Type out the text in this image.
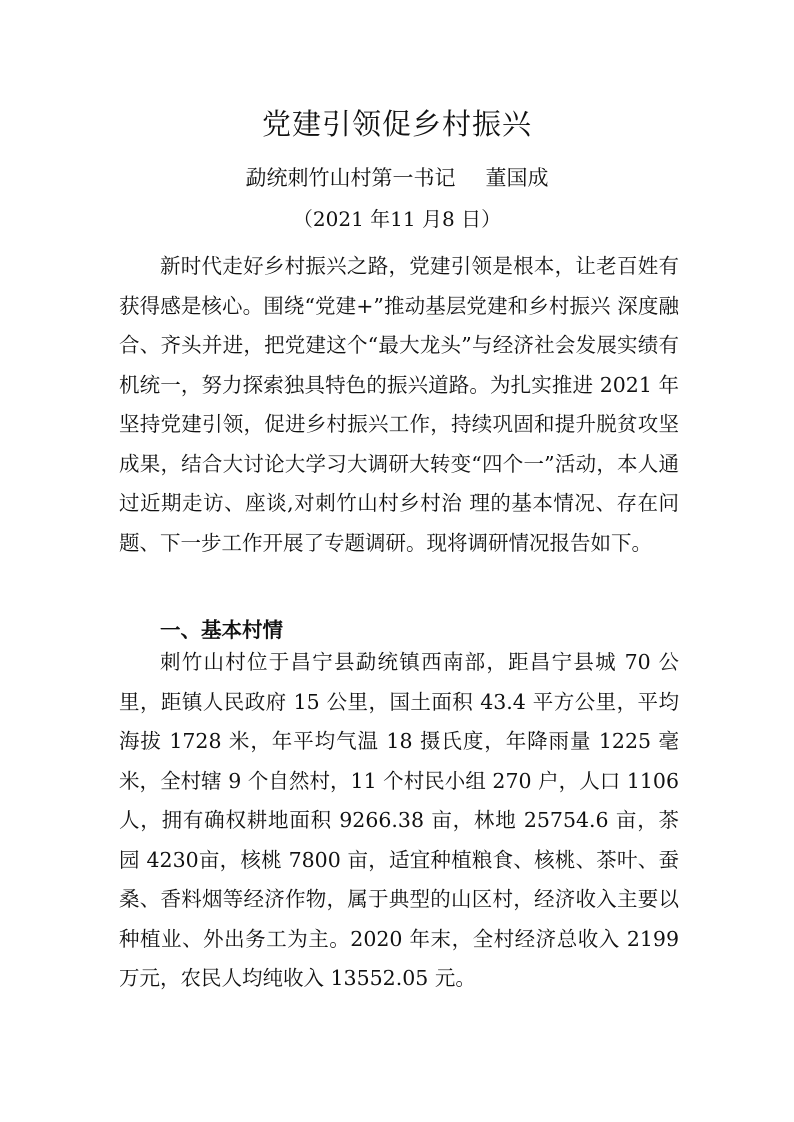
党建引领促乡村振兴
勐统刺竹山村第一书记 董国成
（2021 年11 月8 日）

新时代走好乡村振兴之路，党建引领是根本，让老百姓有获得感是核心。围绕“党建+”推动基层党建和乡村振兴 深度融合、齐头并进，把党建这个“最大龙头”与经济社会发展实绩有机统一，努力探索独具特色的振兴道路。为扎实推进 2021 年坚持党建引领，促进乡村振兴工作，持续巩固和提升脱贫攻坚成果，结合大讨论大学习大调研大转变“四个一”活动，本人通过近期走访、座谈,对刺竹山村乡村治 理的基本情况、存在问题、下一步工作开展了专题调研。现将调研情况报告如下。

一、基本村情

刺竹山村位于昌宁县勐统镇西南部，距昌宁县城 70 公里，距镇人民政府 15 公里，国土面积 43.4 平方公里，平均海拔 1728 米，年平均气温 18 摄氏度，年降雨量 1225 毫米，全村辖 9 个自然村，11 个村民小组 270 户，人口 1106 人，拥有确权耕地面积 9266.38 亩，林地 25754.6 亩，茶园 4230亩，核桃 7800 亩，适宜种植粮食、核桃、茶叶、蚕桑、香料烟等经济作物，属于典型的山区村，经济收入主要以种植业、外出务工为主。2020 年末，全村经济总收入 2199 万元，农民人均纯收入 13552.05 元。
